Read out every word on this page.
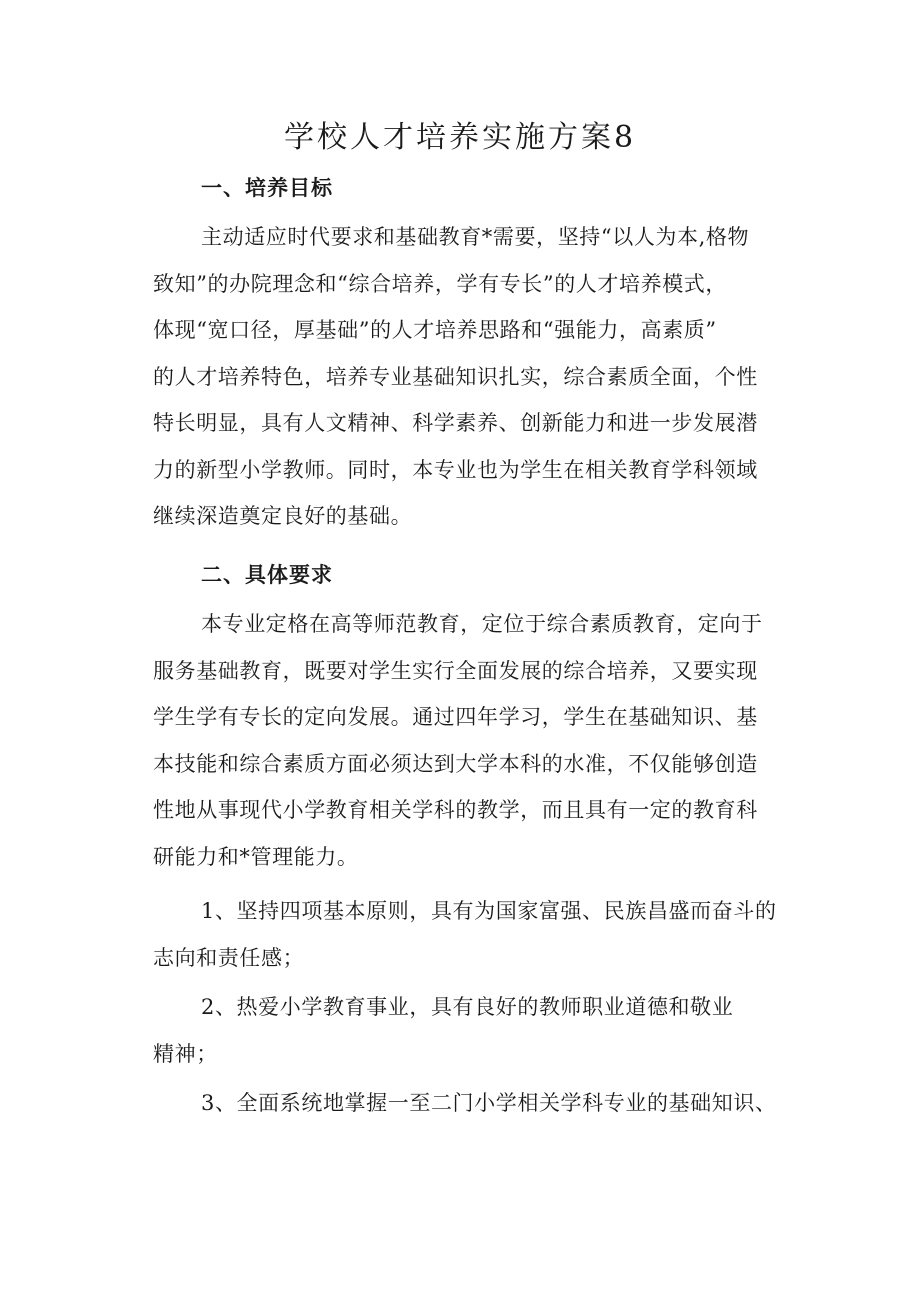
学校人才培养实施方案8
一、培养目标
主动适应时代要求和基础教育*需要，坚持“以人为本,格物
致知”的办院理念和“综合培养，学有专长”的人才培养模式，
体现“宽口径，厚基础”的人才培养思路和“强能力，高素质”
的人才培养特色，培养专业基础知识扎实，综合素质全面，个性
特长明显，具有人文精神、科学素养、创新能力和进一步发展潜
力的新型小学教师。同时，本专业也为学生在相关教育学科领域
继续深造奠定良好的基础。
二、具体要求
本专业定格在高等师范教育，定位于综合素质教育，定向于
服务基础教育，既要对学生实行全面发展的综合培养，又要实现
学生学有专长的定向发展。通过四年学习，学生在基础知识、基
本技能和综合素质方面必须达到大学本科的水准，不仅能够创造
性地从事现代小学教育相关学科的教学，而且具有一定的教育科
研能力和*管理能力。
1、坚持四项基本原则，具有为国家富强、民族昌盛而奋斗的
志向和责任感；
2、热爱小学教育事业，具有良好的教师职业道德和敬业
精神；
3、全面系统地掌握一至二门小学相关学科专业的基础知识、
